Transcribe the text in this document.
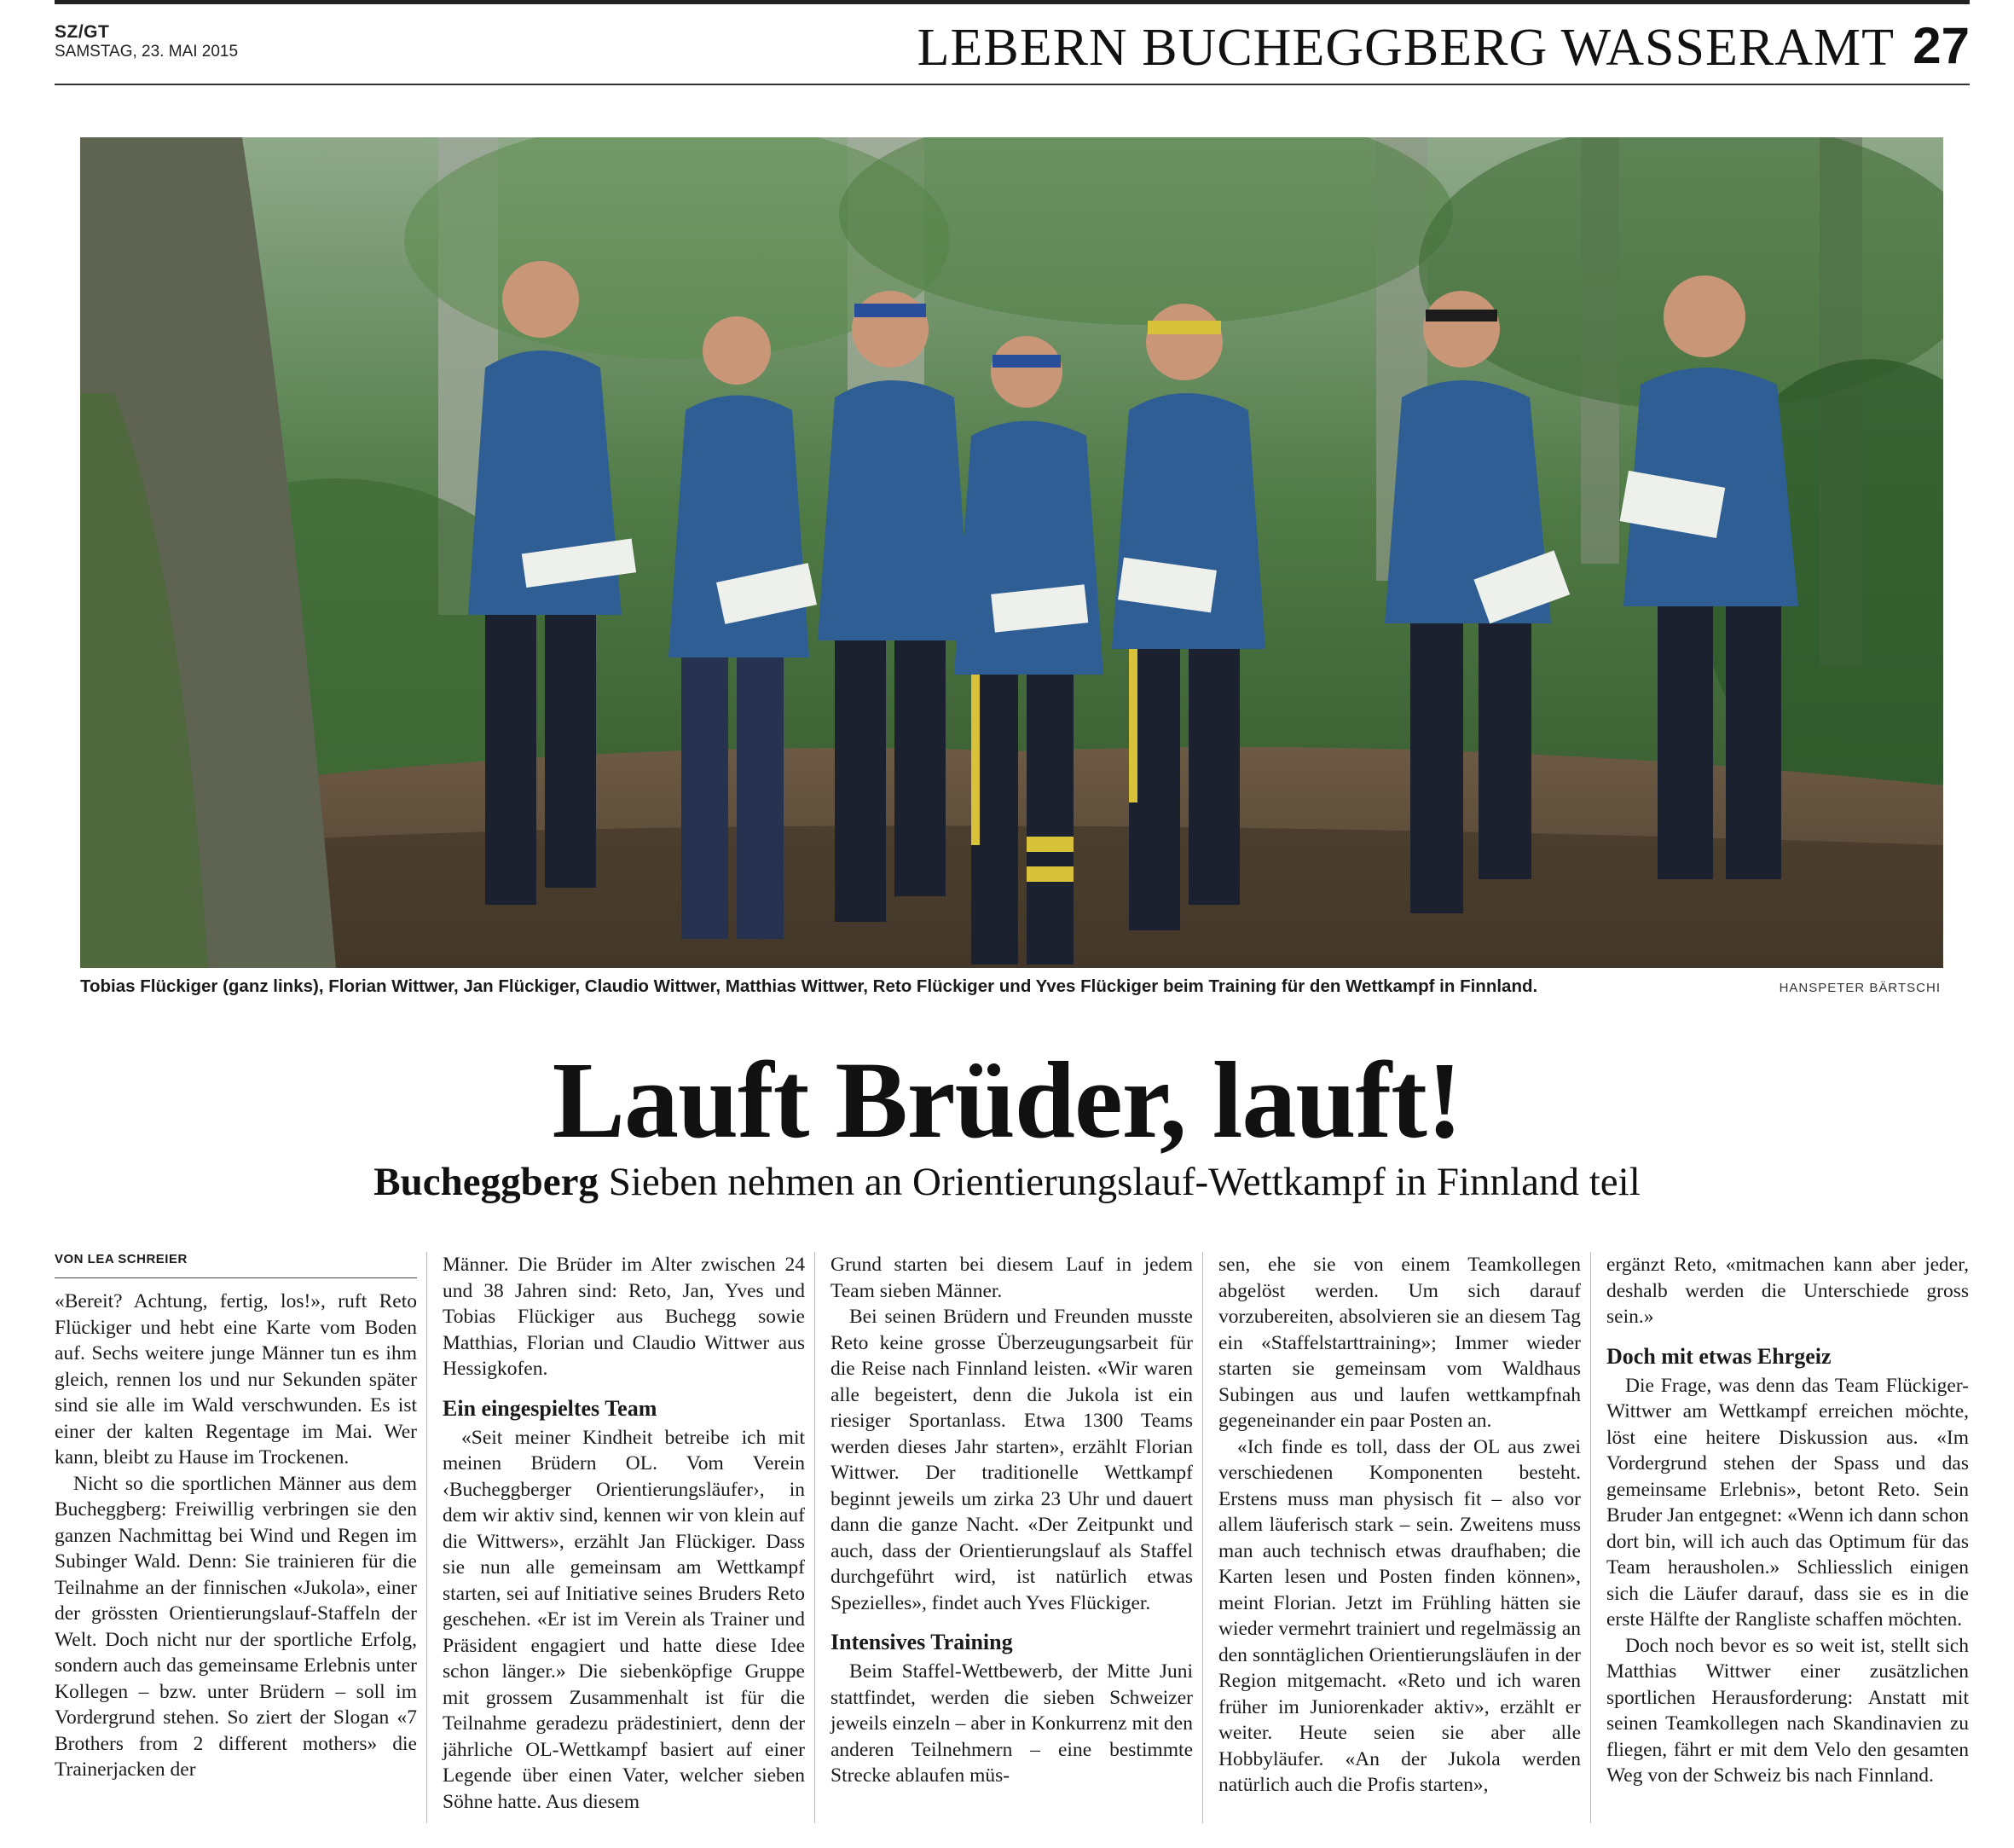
SZ/GT
SAMSTAG, 23. MAI 2015	LEBERN BUCHEGGBERG WASSERAMT 27
Tobias Flückiger (ganz links), Florian Wittwer, Jan Flückiger, Claudio Wittwer, Matthias Wittwer, Reto Flückiger und Yves Flückiger beim Training für den Wettkampf in Finnland.	HANSPETER BÄRTSCHI
Lauft Brüder, lauft!
Bucheggberg Sieben nehmen an Orientierungslauf-Wettkampf in Finnland teil
VON LEA SCHREIER

«Bereit? Achtung, fertig, los!», ruft Reto Flückiger und hebt eine Karte vom Boden auf. Sechs weitere junge Männer tun es ihm gleich, rennen los und nur Sekunden später sind sie alle im Wald verschwunden. Es ist einer der kalten Regentage im Mai. Wer kann, bleibt zu Hause im Trockenen.

Nicht so die sportlichen Männer aus dem Bucheggberg: Freiwillig verbringen sie den ganzen Nachmittag bei Wind und Regen im Subinger Wald. Denn: Sie trainieren für die Teilnahme an der finnischen «Jukola», einer der grössten Orientierungslauf-Staffeln der Welt. Doch nicht nur der sportliche Erfolg, sondern auch das gemeinsame Erlebnis unter Kollegen – bzw. unter Brüdern – soll im Vordergrund stehen. So ziert der Slogan «7 Brothers from 2 different mothers» die Trainerjacken der

Männer. Die Brüder im Alter zwischen 24 und 38 Jahren sind: Reto, Jan, Yves und Tobias Flückiger aus Buchegg sowie Matthias, Florian und Claudio Wittwer aus Hessigkofen.

Ein eingespieltes Team

«Seit meiner Kindheit betreibe ich mit meinen Brüdern OL. Vom Verein ‹Bucheggberger Orientierungsläufer›, in dem wir aktiv sind, kennen wir von klein auf die Wittwers», erzählt Jan Flückiger. Dass sie nun alle gemeinsam am Wettkampf starten, sei auf Initiative seines Bruders Reto geschehen. «Er ist im Verein als Trainer und Präsident engagiert und hatte diese Idee schon länger.» Die siebenköpfige Gruppe mit grossem Zusammenhalt ist für die Teilnahme geradezu prädestiniert, denn der jährliche OL-Wettkampf basiert auf einer Legende über einen Vater, welcher sieben Söhne hatte. Aus diesem

Grund starten bei diesem Lauf in jedem Team sieben Männer.

Bei seinen Brüdern und Freunden musste Reto keine grosse Überzeugungsarbeit für die Reise nach Finnland leisten. «Wir waren alle begeistert, denn die Jukola ist ein riesiger Sportanlass. Etwa 1300 Teams werden dieses Jahr starten», erzählt Florian Wittwer. Der traditionelle Wettkampf beginnt jeweils um zirka 23 Uhr und dauert dann die ganze Nacht. «Der Zeitpunkt und auch, dass der Orientierungslauf als Staffel durchgeführt wird, ist natürlich etwas Spezielles», findet auch Yves Flückiger.

Intensives Training

Beim Staffel-Wettbewerb, der Mitte Juni stattfindet, werden die sieben Schweizer jeweils einzeln – aber in Konkurrenz mit den anderen Teilnehmern – eine bestimmte Strecke ablaufen müs-

sen, ehe sie von einem Teamkollegen abgelöst werden. Um sich darauf vorzubereiten, absolvieren sie an diesem Tag ein «Staffelstarttraining»; Immer wieder starten sie gemeinsam vom Waldhaus Subingen aus und laufen wettkampfnah gegeneinander ein paar Posten an.

«Ich finde es toll, dass der OL aus zwei verschiedenen Komponenten besteht. Erstens muss man physisch fit – also vor allem läuferisch stark – sein. Zweitens muss man auch technisch etwas draufhaben; die Karten lesen und Posten finden können», meint Florian. Jetzt im Frühling hätten sie wieder vermehrt trainiert und regelmässig an den sonntäglichen Orientierungsläufen in der Region mitgemacht. «Reto und ich waren früher im Juniorenkader aktiv», erzählt er weiter. Heute seien sie aber alle Hobbyläufer. «An der Jukola werden natürlich auch die Profis starten»,

ergänzt Reto, «mitmachen kann aber jeder, deshalb werden die Unterschiede gross sein.»

Doch mit etwas Ehrgeiz

Die Frage, was denn das Team Flückiger-Wittwer am Wettkampf erreichen möchte, löst eine heitere Diskussion aus. «Im Vordergrund stehen der Spass und das gemeinsame Erlebnis», betont Reto. Sein Bruder Jan entgegnet: «Wenn ich dann schon dort bin, will ich auch das Optimum für das Team herausholen.» Schliesslich einigen sich die Läufer darauf, dass sie es in die erste Hälfte der Rangliste schaffen möchten.

Doch noch bevor es so weit ist, stellt sich Matthias Wittwer einer zusätzlichen sportlichen Herausforderung: Anstatt mit seinen Teamkollegen nach Skandinavien zu fliegen, fährt er mit dem Velo den gesamten Weg von der Schweiz bis nach Finnland.
